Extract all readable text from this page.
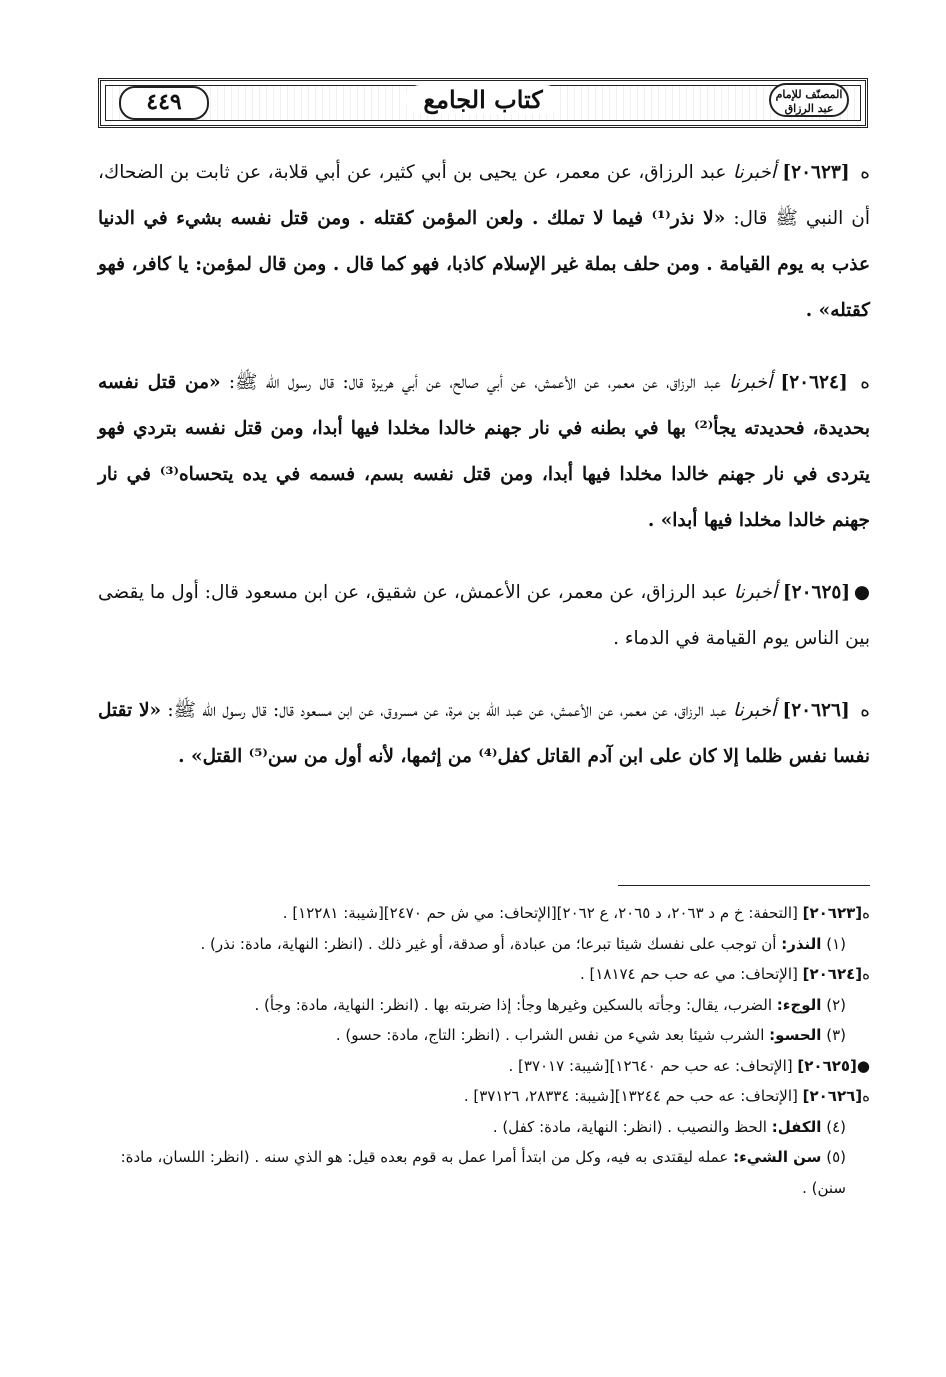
المصنّف للإمام عبد الرزاق
كتاب الجامع
٤٤٩

ه [٢٠٦٢٣] أخبرنا عبد الرزاق، عن معمر، عن يحيى بن أبي كثير، عن أبي قلابة، عن ثابت بن الضحاك، أن النبي ﷺ قال: «لا نذر⁽¹⁾ فيما لا تملك . ولعن المؤمن كقتله . ومن قتل نفسه بشيء في الدنيا عذب به يوم القيامة . ومن حلف بملة غير الإسلام كاذبا، فهو كما قال . ومن قال لمؤمن: يا كافر، فهو كقتله» .

ه [٢٠٦٢٤] أخبرنا عبد الرزاق، عن معمر، عن الأعمش، عن أبي صالح، عن أبي هريرة قال: قال رسول الله ﷺ: «من قتل نفسه بحديدة، فحديدته يجأ⁽²⁾ بها في بطنه في نار جهنم خالدا مخلدا فيها أبدا، ومن قتل نفسه بتردي فهو يتردى في نار جهنم خالدا مخلدا فيها أبدا، ومن قتل نفسه بسم، فسمه في يده يتحساه⁽³⁾ في نار جهنم خالدا مخلدا فيها أبدا» .

● [٢٠٦٢٥] أخبرنا عبد الرزاق، عن معمر، عن الأعمش، عن شقيق، عن ابن مسعود قال: أول ما يقضى بين الناس يوم القيامة في الدماء .

ه [٢٠٦٢٦] أخبرنا عبد الرزاق، عن معمر، عن الأعمش، عن عبد الله بن مرة، عن مسروق، عن ابن مسعود قال: قال رسول الله ﷺ: «لا تقتل نفسا نفس ظلما إلا كان على ابن آدم القاتل كفل⁽⁴⁾ من إثمها، لأنه أول من سن⁽⁵⁾ القتل» .

ه[٢٠٦٢٣] [التحفة: خ م د ٢٠٦٣، د ٢٠٦٥، ع ٢٠٦٢][الإتحاف: مي ش حم ٢٤٧٠][شيبة: ١٢٢٨١] .

(١) النذر: أن توجب على نفسك شيئا تبرعا؛ من عبادة، أو صدقة، أو غير ذلك . (انظر: النهاية، مادة: نذر) .

ه[٢٠٦٢٤] [الإتحاف: مي عه حب حم ١٨١٧٤] .

(٢) الوجء: الضرب، يقال: وجأته بالسكين وغيرها وجأ: إذا ضربته بها . (انظر: النهاية، مادة: وجأ) .

(٣) الحسو: الشرب شيئا بعد شيء من نفس الشراب . (انظر: التاج، مادة: حسو) .

●[٢٠٦٢٥] [الإتحاف: عه حب حم ١٢٦٤٠][شيبة: ٣٧٠١٧] .

ه[٢٠٦٢٦] [الإتحاف: عه حب حم ١٣٢٤٤][شيبة: ٢٨٣٣٤، ٣٧١٢٦] .

(٤) الكفل: الحظ والنصيب . (انظر: النهاية، مادة: كفل) .

(٥) سن الشيء: عمله ليقتدى به فيه، وكل من ابتدأ أمرا عمل به قوم بعده قيل: هو الذي سنه . (انظر: اللسان، مادة: سنن) .
